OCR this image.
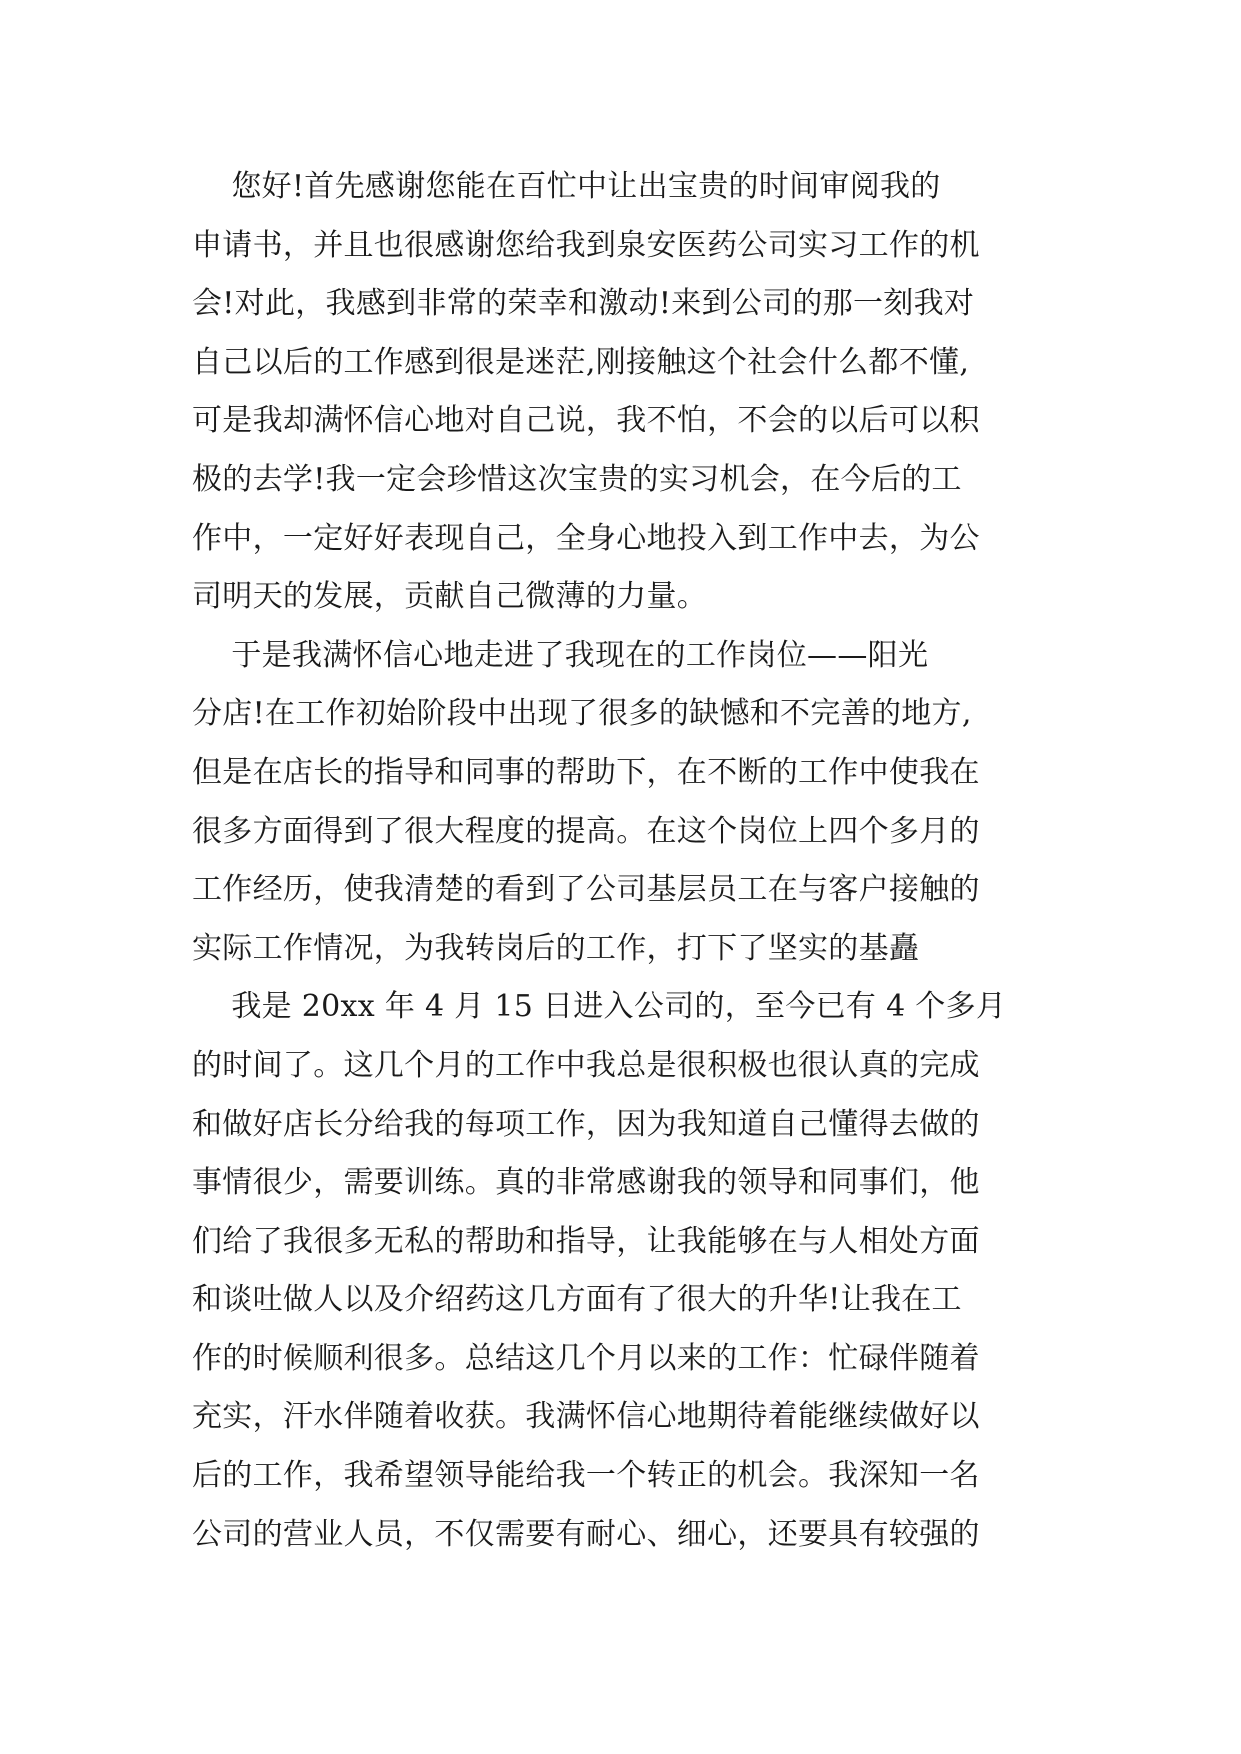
您好!首先感谢您能在百忙中让出宝贵的时间审阅我的
申请书，并且也很感谢您给我到泉安医药公司实习工作的机
会!对此，我感到非常的荣幸和激动!来到公司的那一刻我对
自己以后的工作感到很是迷茫,刚接触这个社会什么都不懂,
可是我却满怀信心地对自己说，我不怕，不会的以后可以积
极的去学!我一定会珍惜这次宝贵的实习机会，在今后的工
作中，一定好好表现自己，全身心地投入到工作中去，为公
司明天的发展，贡献自己微薄的力量。
于是我满怀信心地走进了我现在的工作岗位——阳光
分店!在工作初始阶段中出现了很多的缺憾和不完善的地方,
但是在店长的指导和同事的帮助下，在不断的工作中使我在
很多方面得到了很大程度的提高。在这个岗位上四个多月的
工作经历，使我清楚的看到了公司基层员工在与客户接触的
实际工作情况，为我转岗后的工作，打下了坚实的基矗
我是 20xx 年 4 月 15 日进入公司的，至今已有 4 个多月
的时间了。这几个月的工作中我总是很积极也很认真的完成
和做好店长分给我的每项工作，因为我知道自己懂得去做的
事情很少，需要训练。真的非常感谢我的领导和同事们，他
们给了我很多无私的帮助和指导，让我能够在与人相处方面
和谈吐做人以及介绍药这几方面有了很大的升华!让我在工
作的时候顺利很多。总结这几个月以来的工作：忙碌伴随着
充实，汗水伴随着收获。我满怀信心地期待着能继续做好以
后的工作，我希望领导能给我一个转正的机会。我深知一名
公司的营业人员，不仅需要有耐心、细心，还要具有较强的
